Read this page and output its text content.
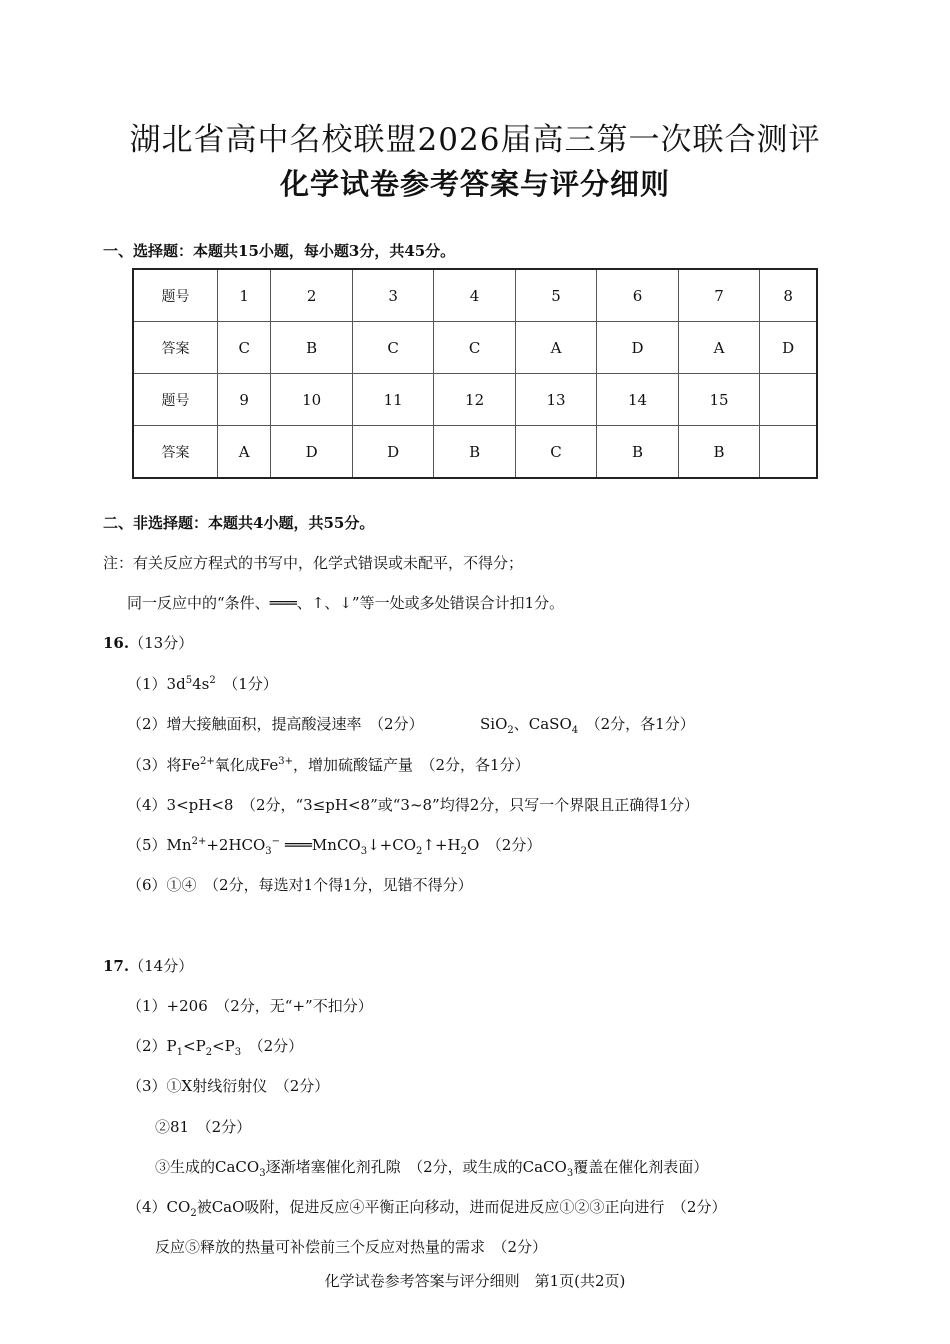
湖北省高中名校联盟2026届高三第一次联合测评
化学试卷参考答案与评分细则
一、选择题：本题共15小题，每小题3分，共45分。
题号	1	2	3	4	5	6	7	8
答案	C	B	C	C	A	D	A	D
题号	9	10	11	12	13	14	15	
答案	A	D	D	B	C	B	B	
二、非选择题：本题共4小题，共55分。
注：有关反应方程式的书写中，化学式错误或未配平，不得分；
同一反应中的“条件、═══、↑、↓”等一处或多处错误合计扣1分。
16.（13分）
$(1)3d^54s^2$　（1分）
（2）增大接触面积，提高酸浸速率　（2分）	SiO$_2$、CaSO$_4$　（2分，各1分）
（3）将$Fe^{2+}$氧化成$Fe^{3+}$，增加硫酸锰产量　（2分，各1分）
（4）3<pH<8　（2分，“3≤pH<8”或“3~8”均得2分，只写一个界限且正确得1分）
$(5)Mn^{2+}+2HCO_3^-$ $═══MnCO_3↓+CO_2↑+H_2O$　（2分）
（6）①④　（2分，每选对1个得1分，见错不得分）
17.（14分）
（1）+206　（2分，无“+”不扣分）
$(2)P_1<P_2<P_3$　（2分）
（3）①X射线衍射仪　（2分）
②81　（2分）
③生成的CaCO$_3$逐渐堵塞催化剂孔隙　（2分，或生成的CaCO$_3$覆盖在催化剂表面）
$(4)CO_2$被CaO吸附，促进反应④平衡正向移动，进而促进反应①②③正向进行　（2分）
反应⑤释放的热量可补偿前三个反应对热量的需求　（2分）
化学试卷参考答案与评分细则　第1页(共2页)
